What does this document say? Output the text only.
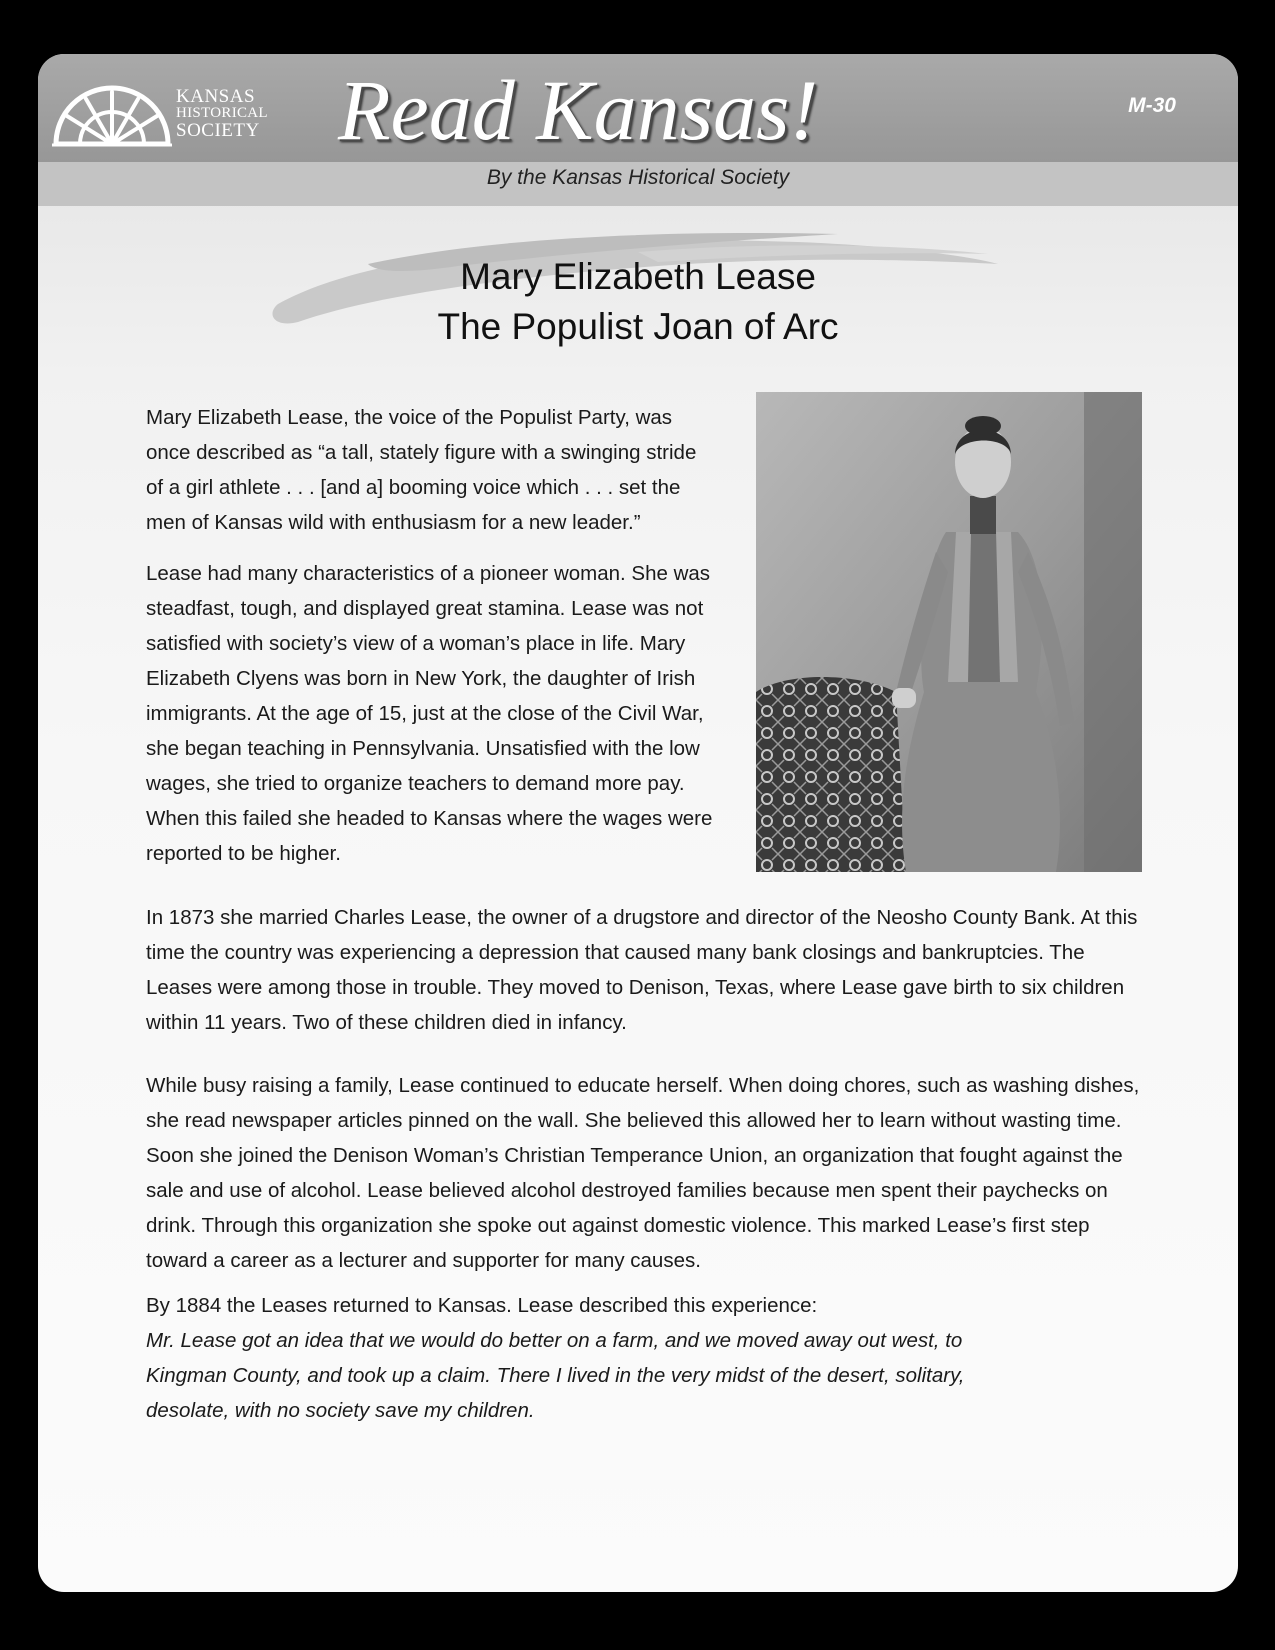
KANSAS
HISTORICAL
SOCIETY Read Kansas!	M-30
By the Kansas Historical Society
Mary Elizabeth Lease
The Populist Joan of Arc

Mary Elizabeth Lease, the voice of the Populist Party, was once described as “a tall, stately figure with a swinging stride of a girl athlete . . . [and a] booming voice which . . . set the men of Kansas wild with enthusiasm for a new leader.”

Lease had many characteristics of a pioneer woman. She was steadfast, tough, and displayed great stamina. Lease was not satisfied with society’s view of a woman’s place in life. Mary Elizabeth Clyens was born in New York, the daughter of Irish immigrants. At the age of 15, just at the close of the Civil War, she began teaching in Pennsylvania. Unsatisfied with the low wages, she tried to organize teachers to demand more pay. When this failed she headed to Kansas where the wages were reported to be higher.

In 1873 she married Charles Lease, the owner of a drugstore and director of the Neosho County Bank. At this time the country was experiencing a depression that caused many bank closings and bankruptcies. The Leases were among those in trouble. They moved to Denison, Texas, where Lease gave birth to six children within 11 years. Two of these children died in infancy.

While busy raising a family, Lease continued to educate herself. When doing chores, such as washing dishes, she read newspaper articles pinned on the wall. She believed this allowed her to learn without wasting time. Soon she joined the Denison Woman’s Christian Temperance Union, an organization that fought against the sale and use of alcohol. Lease believed alcohol destroyed families because men spent their paychecks on drink. Through this organization she spoke out against domestic violence. This marked Lease’s first step toward a career as a lecturer and supporter for many causes.

By 1884 the Leases returned to Kansas. Lease described this experience:

Mr. Lease got an idea that we would do better on a farm, and we moved away out west, to Kingman County, and took up a claim. There I lived in the very midst of the desert, solitary, desolate, with no society save my children.
